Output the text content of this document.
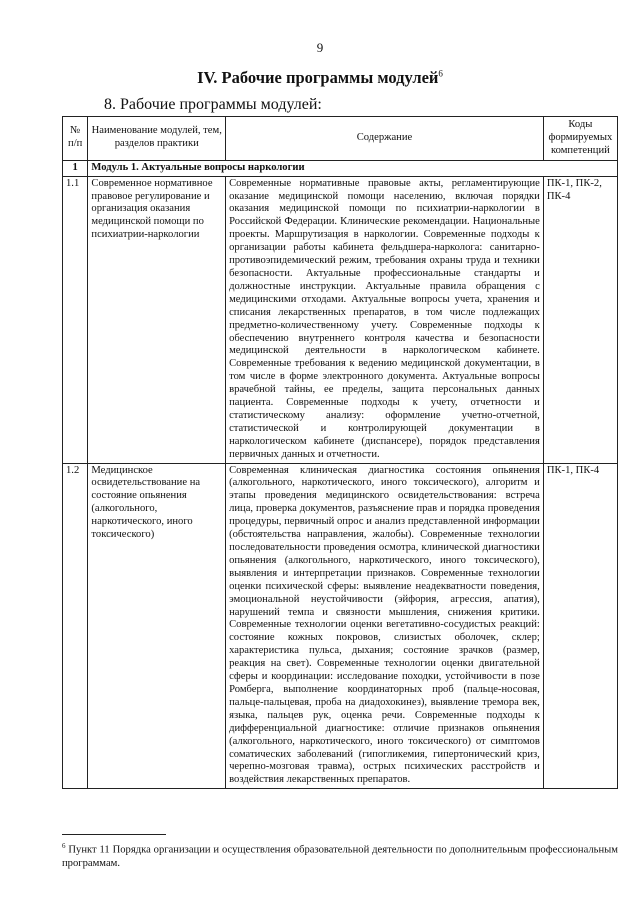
9
IV. Рабочие программы модулей$^6$
8. Рабочие программы модулей:
№ п/п	Наименование модулей, тем, разделов практики	Содержание	Коды формируемых компетенций
1	Модуль 1. Актуальные вопросы наркологии		
1.1	Современное нормативное правовое регулирование и организация оказания медицинской помощи по психиатрии-наркологии	Современные нормативные правовые акты, регламентирующие оказание медицинской помощи населению, включая порядки оказания медицинской помощи по психиатрии-наркологии в Российской Федерации. Клинические рекомендации. Национальные проекты. Маршрутизация в наркологии. Современные подходы к организации работы кабинета фельдшера-нарколога: санитарно-противоэпидемический режим, требования охраны труда и техники безопасности. Актуальные профессиональные стандарты и должностные инструкции. Актуальные правила обращения с медицинскими отходами. Актуальные вопросы учета, хранения и списания лекарственных препаратов, в том числе подлежащих предметно-количественному учету. Современные подходы к обеспечению внутреннего контроля качества и безопасности медицинской деятельности в наркологическом кабинете. Современные требования к ведению медицинской документации, в том числе в форме электронного документа. Актуальные вопросы врачебной тайны, ее пределы, защита персональных данных пациента. Современные подходы к учету, отчетности и статистическому анализу: оформление учетно-отчетной, статистической и контролирующей документации в наркологическом кабинете (диспансере), порядок представления первичных данных и отчетности.	ПК-1, ПК-2, ПК-4
1.2	Медицинское освидетельствование на состояние опьянения (алкогольного, наркотического, иного токсического)	Современная клиническая диагностика состояния опьянения (алкогольного, наркотического, иного токсического), алгоритм и этапы проведения медицинского освидетельствования: встреча лица, проверка документов, разъяснение прав и порядка проведения процедуры, первичный опрос и анализ представленной информации (обстоятельства направления, жалобы). Современные технологии последовательности проведения осмотра, клинической диагностики опьянения (алкогольного, наркотического, иного токсического), выявления и интерпретации признаков. Современные технологии оценки психической сферы: выявление неадекватности поведения, эмоциональной неустойчивости (эйфория, агрессия, апатия), нарушений темпа и связности мышления, снижения критики. Современные технологии оценки вегетативно-сосудистых реакций: состояние кожных покровов, слизистых оболочек, склер; характеристика пульса, дыхания; состояние зрачков (размер, реакция на свет). Современные технологии оценки двигательной сферы и координации: исследование походки, устойчивости в позе Ромберга, выполнение координаторных проб (пальце-носовая, пальце-пальцевая, проба на диадохокинез), выявление тремора век, языка, пальцев рук, оценка речи. Современные подходы к дифференциальной диагностике: отличие признаков опьянения (алкогольного, наркотического, иного токсического) от симптомов соматических заболеваний (гипогликемия, гипертонический криз, черепно-мозговая травма), острых психических расстройств и воздействия лекарственных препаратов.	ПК-1, ПК-4
$^6$ Пункт 11 Порядка организации и осуществления образовательной деятельности по дополнительным профессиональным программам.
